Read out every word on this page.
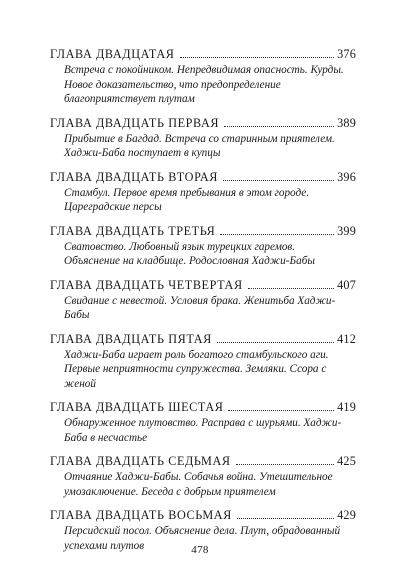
ГЛАВА ДВАДЦАТАЯ	376
Встреча с покойником. Непредвидимая опасность. Курды. Новое доказательство, что предопределение благоприятствует плутам
ГЛАВА ДВАДЦАТЬ ПЕРВАЯ	389
Прибытие в Багдад. Встреча со старинным приятелем. Хаджи-Баба поступает в купцы
ГЛАВА ДВАДЦАТЬ ВТОРАЯ	396
Стамбул. Первое время пребывания в этом городе. Цареградские персы
ГЛАВА ДВАДЦАТЬ ТРЕТЬЯ	399
Сватовство. Любовный язык турецких гаремов. Объяснение на кладбище. Родословная Хаджи-Бабы
ГЛАВА ДВАДЦАТЬ ЧЕТВЕРТАЯ	407
Свидание с невестой. Условия брака. Женитьба Хаджи-Бабы
ГЛАВА ДВАДЦАТЬ ПЯТАЯ	412
Хаджи-Баба играет роль богатого стамбульского аги. Первые неприятности супружества. Земляки. Ссора с женой
ГЛАВА ДВАДЦАТЬ ШЕСТАЯ	419
Обнаруженное плутовство. Расправа с шурьями. Хаджи-Баба в несчастье
ГЛАВА ДВАДЦАТЬ СЕДЬМАЯ	425
Отчаяние Хаджи-Бабы. Собачья война. Утешительное умозаключение. Беседа с добрым приятелем
ГЛАВА ДВАДЦАТЬ ВОСЬМАЯ	429
Персидский посол. Объяснение дела. Плут, обрадованный успехами плутов	478
